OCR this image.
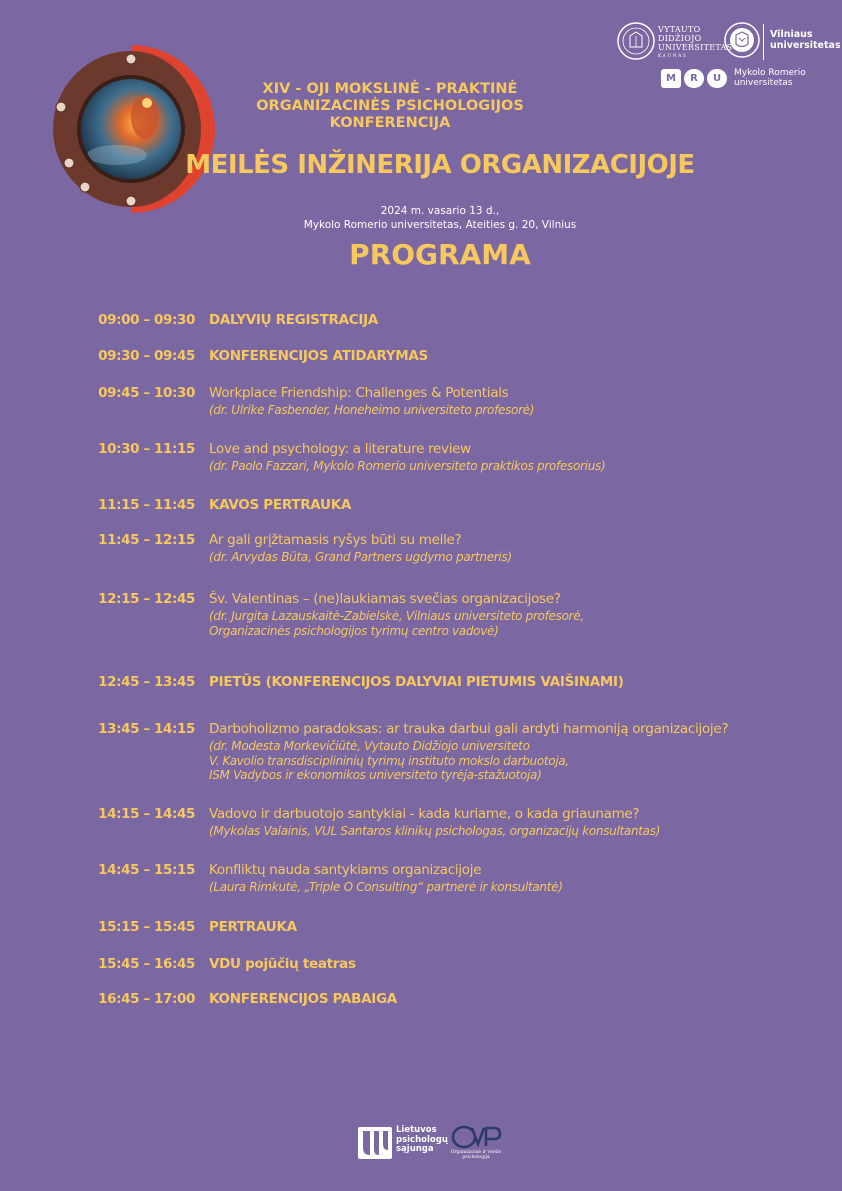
VYTAUTO
DIDŽIOJO
UNIVERSITETAS
KAUNAS
Vilniaus
universitetas
M	R	U	Mykolo Romerio
universitetas
XIV - OJI MOKSLINĖ - PRAKTINĖ
ORGANIZACINĖS PSICHOLOGIJOS
KONFERENCIJA
MEILĖS INŽINERIJA ORGANIZACIJOJE
2024 m. vasario 13 d.,
Mykolo Romerio universitetas, Ateities g. 20, Vilnius
PROGRAMA
09:00 – 09:30 DALYVIŲ REGISTRACIJA
09:30 – 09:45 KONFERENCIJOS ATIDARYMAS
09:45 – 10:30 Workplace Friendship: Challenges & Potentials
(dr. Ulrike Fasbender, Honeheimo universiteto profesorė)
10:30 – 11:15 Love and psychology: a literature review
(dr. Paolo Fazzari, Mykolo Romerio universiteto praktikos profesorius)
11:15 – 11:45 KAVOS PERTRAUKA
11:45 – 12:15 Ar gali grįžtamasis ryšys būti su meile?
(dr. Arvydas Būta, Grand Partners ugdymo partneris)
12:15 – 12:45 Šv. Valentinas – (ne)laukiamas svečias organizacijose?
(dr. Jurgita Lazauskaitė-Zabielskė, Vilniaus universiteto profesorė,
Organizacinės psichologijos tyrimų centro vadovė)
12:45 – 13:45 PIETŪS (KONFERENCIJOS DALYVIAI PIETUMIS VAIŠINAMI)
13:45 – 14:15 Darboholizmo paradoksas: ar trauka darbui gali ardyti harmoniją organizacijoje?
(dr. Modesta Morkevičiūtė, Vytauto Didžiojo universiteto
V. Kavolio transdisciplininių tyrimų instituto mokslo darbuotoja,
ISM Vadybos ir ekonomikos universiteto tyrėja-stažuotoja)
14:15 – 14:45 Vadovo ir darbuotojo santykiai - kada kuriame, o kada griauname?
(Mykolas Valainis, VUL Santaros klinikų psichologas, organizacijų konsultantas)
14:45 – 15:15 Konfliktų nauda santykiams organizacijoje
(Laura Rimkutė, „Triple O Consulting“ partnerė ir konsultantė)
15:15 – 15:45 PERTRAUKA
15:45 – 16:45 VDU pojūčių teatras
16:45 – 17:00 KONFERENCIJOS PABAIGA
Lietuvos
psichologų
sąjunga	Organizacinė ir verslo psichologija
